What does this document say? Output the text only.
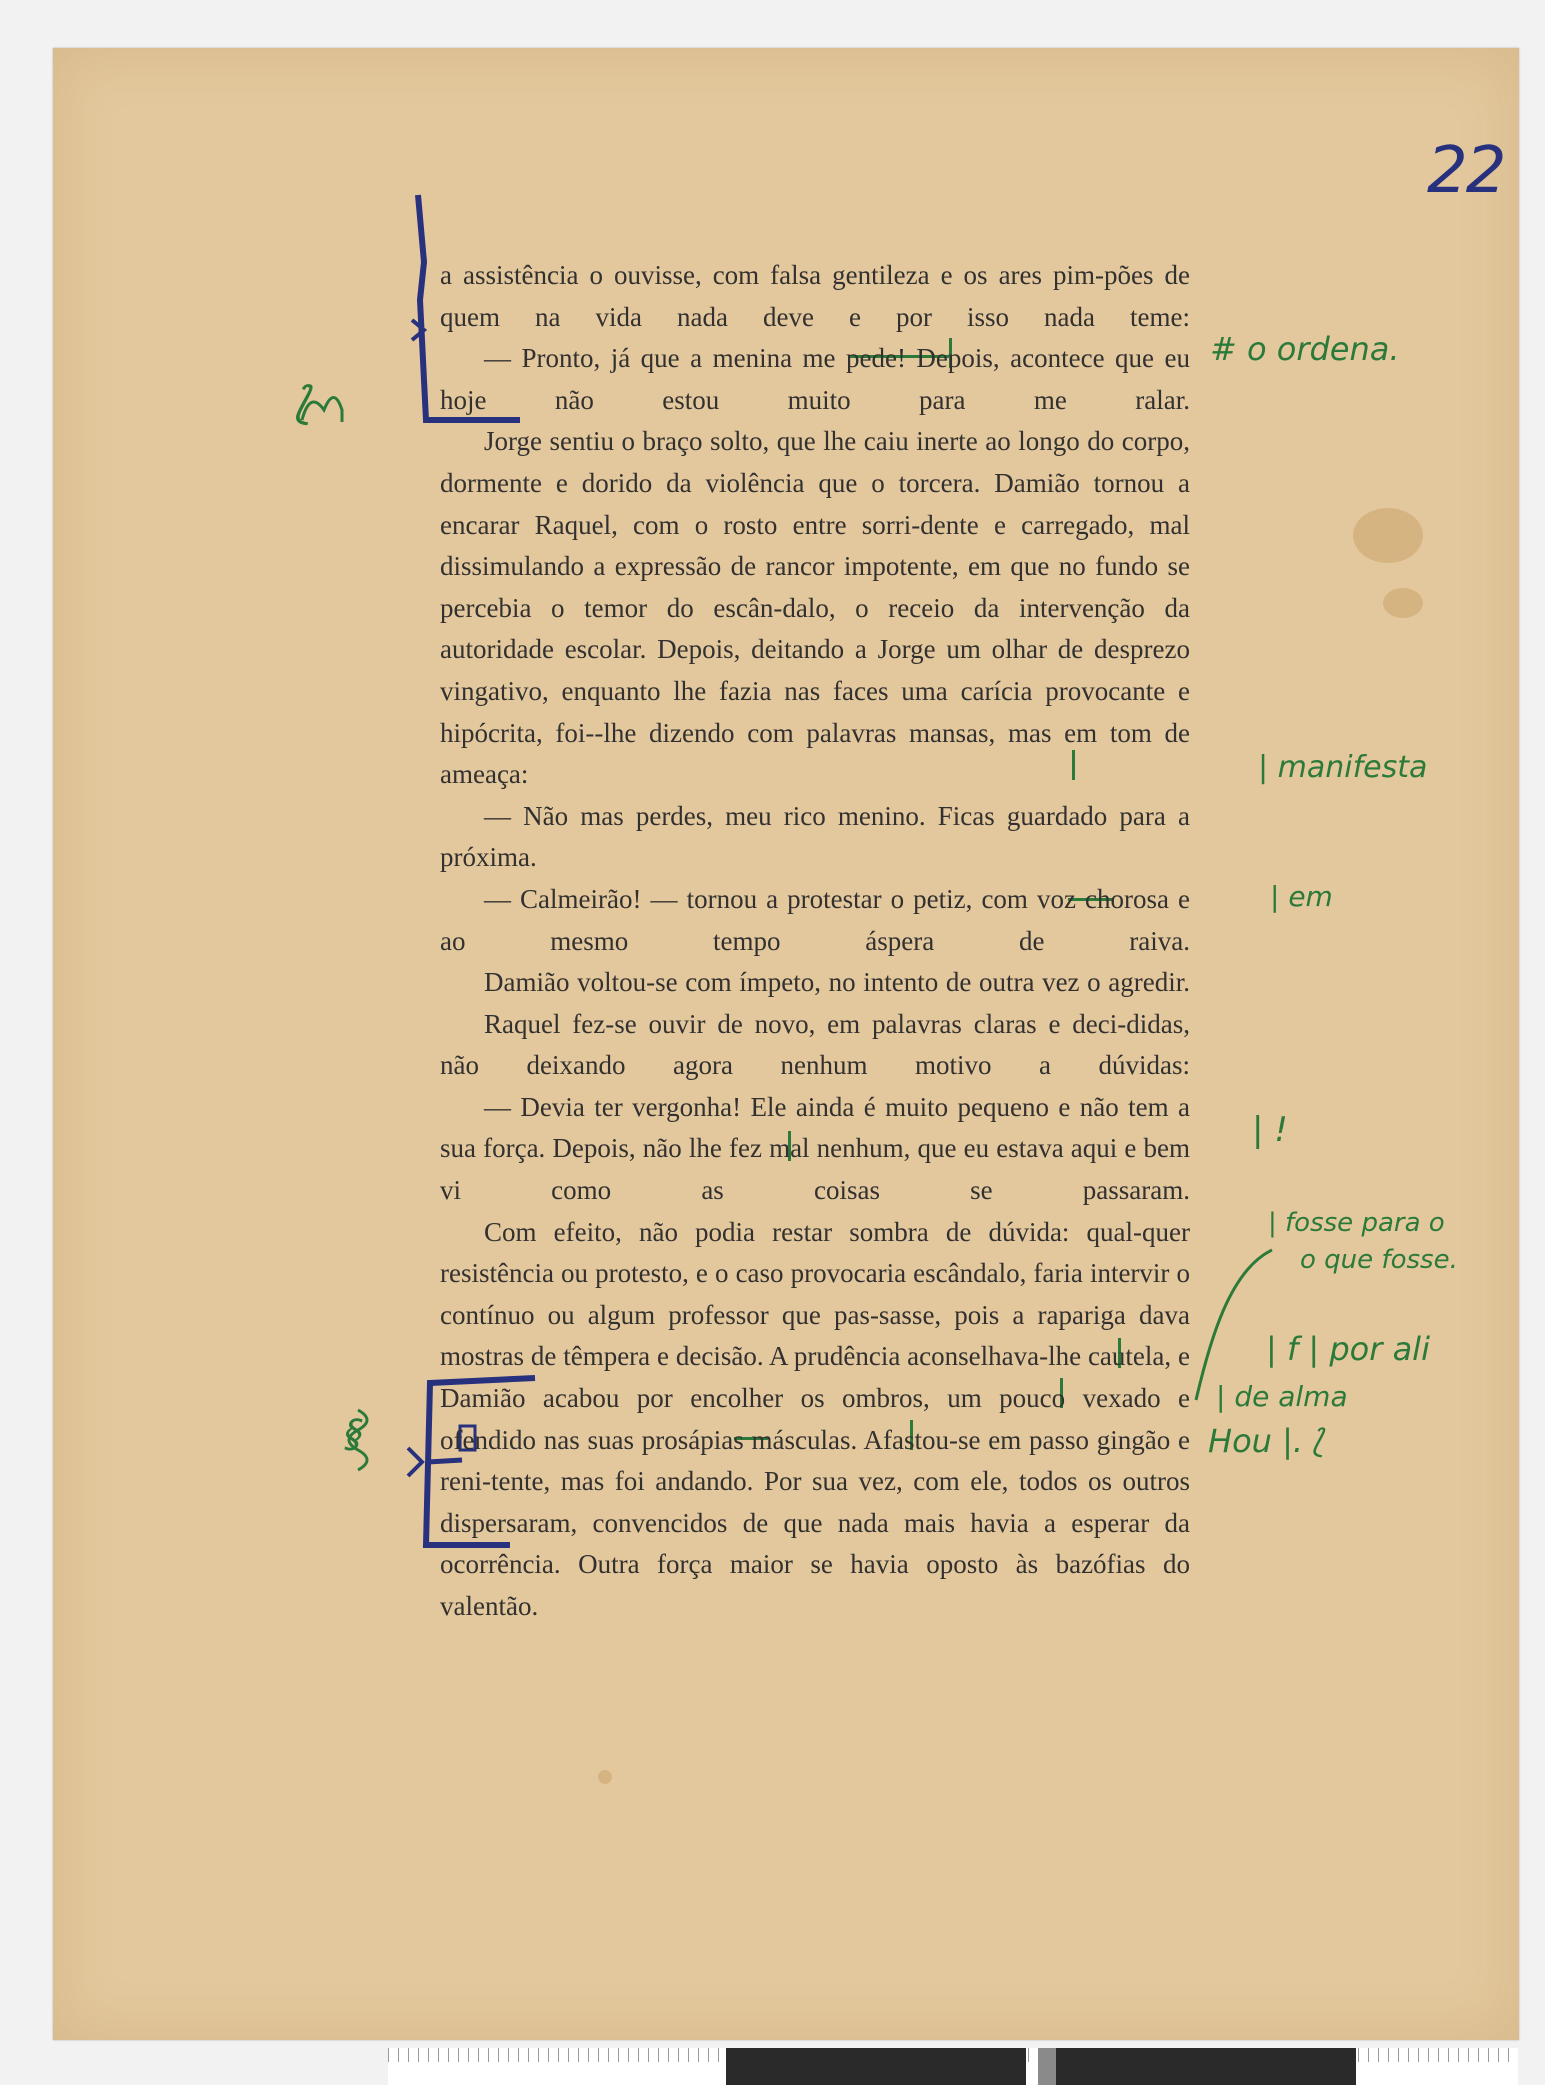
22

a assistência o ouvisse, com falsa gentileza e os ares pim-pões de quem na vida nada deve e por isso nada teme:

— Pronto, já que a menina me pede! Depois, acontece que eu hoje não estou muito para me ralar.

Jorge sentiu o braço solto, que lhe caiu inerte ao longo do corpo, dormente e dorido da violência que o torcera. Damião tornou a encarar Raquel, com o rosto entre sorri-dente e carregado, mal dissimulando a expressão de rancor impotente, em que no fundo se percebia o temor do escân-dalo, o receio da intervenção da autoridade escolar. Depois, deitando a Jorge um olhar de desprezo vingativo, enquanto lhe fazia nas faces uma carícia provocante e hipócrita, foi--lhe dizendo com palavras mansas, mas em tom de ameaça:

— Não mas perdes, meu rico menino. Ficas guardado para a próxima.

— Calmeirão! — tornou a protestar o petiz, com voz chorosa e ao mesmo tempo áspera de raiva.

Damião voltou-se com ímpeto, no intento de outra vez o agredir.

Raquel fez-se ouvir de novo, em palavras claras e deci-didas, não deixando agora nenhum motivo a dúvidas:

— Devia ter vergonha! Ele ainda é muito pequeno e não tem a sua força. Depois, não lhe fez mal nenhum, que eu estava aqui e bem vi como as coisas se passaram.

Com efeito, não podia restar sombra de dúvida: qual-quer resistência ou protesto, e o caso provocaria escândalo, faria intervir o contínuo ou algum professor que pas-sasse, pois a rapariga dava mostras de têmpera e decisão. A prudência aconselhava-lhe cautela, e Damião acabou por encolher os ombros, um pouco vexado e ofendido nas suas prosápias másculas. Afastou-se em passo gingão e reni-tente, mas foi andando. Por sua vez, com ele, todos os outros dispersaram, convencidos de que nada mais havia a esperar da ocorrência. Outra força maior se havia oposto às bazófias do valentão.

# o ordena.
| manifesta
| em
| !
| fosse para o
o que fosse.
| f | por ali
| de alma
Hou |. ⟅
⟅
§
